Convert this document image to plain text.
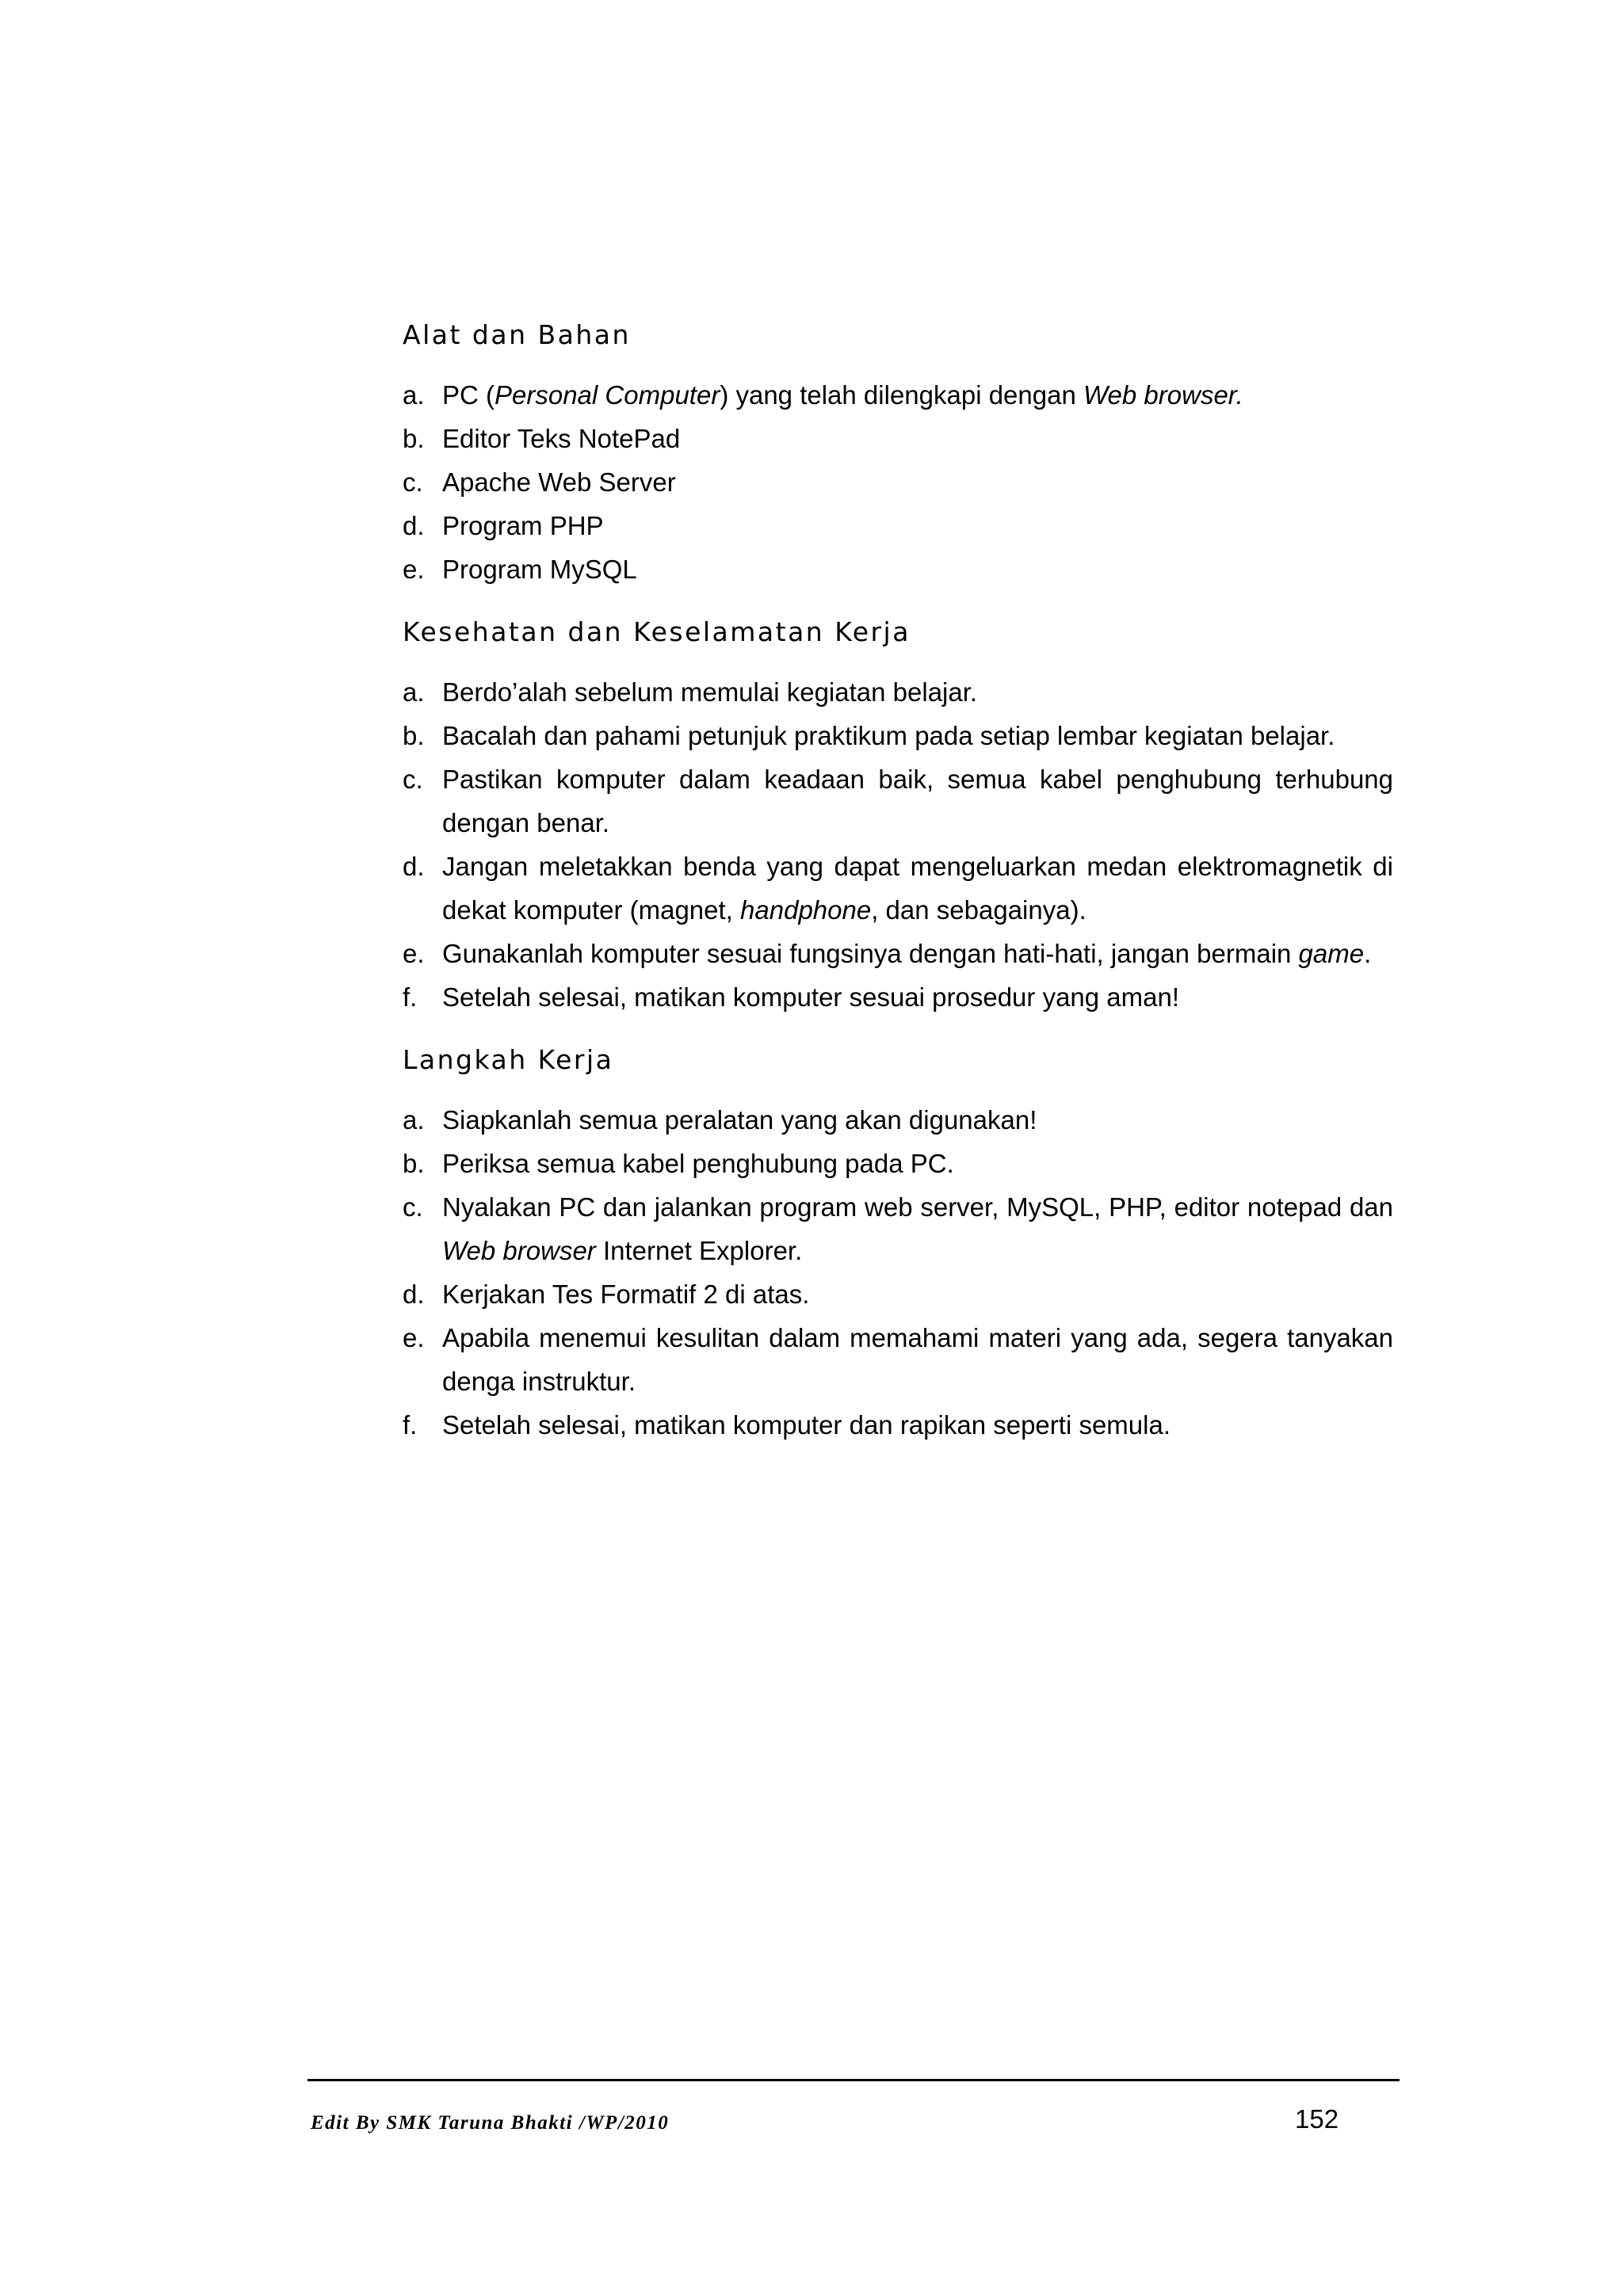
Alat dan Bahan
a. PC (Personal Computer) yang telah dilengkapi dengan Web browser.
b. Editor Teks NotePad
c. Apache Web Server
d. Program PHP
e. Program MySQL
Kesehatan dan Keselamatan Kerja
a. Berdo’alah sebelum memulai kegiatan belajar.
b. Bacalah dan pahami petunjuk praktikum pada setiap lembar kegiatan belajar.
c. Pastikan komputer dalam keadaan baik, semua kabel penghubung terhubung dengan benar.
d. Jangan meletakkan benda yang dapat mengeluarkan medan elektromagnetik di dekat komputer (magnet, handphone, dan sebagainya).
e. Gunakanlah komputer sesuai fungsinya dengan hati-hati, jangan bermain game.
f. Setelah selesai, matikan komputer sesuai prosedur yang aman!
Langkah Kerja
a. Siapkanlah semua peralatan yang akan digunakan!
b. Periksa semua kabel penghubung pada PC.
c. Nyalakan PC dan jalankan program web server, MySQL, PHP, editor notepad dan Web browser Internet Explorer.
d. Kerjakan Tes Formatif 2 di atas.
e. Apabila menemui kesulitan dalam memahami materi yang ada, segera tanyakan denga instruktur.
f. Setelah selesai, matikan komputer dan rapikan seperti semula.
Edit By SMK Taruna Bhakti /WP/2010	152
